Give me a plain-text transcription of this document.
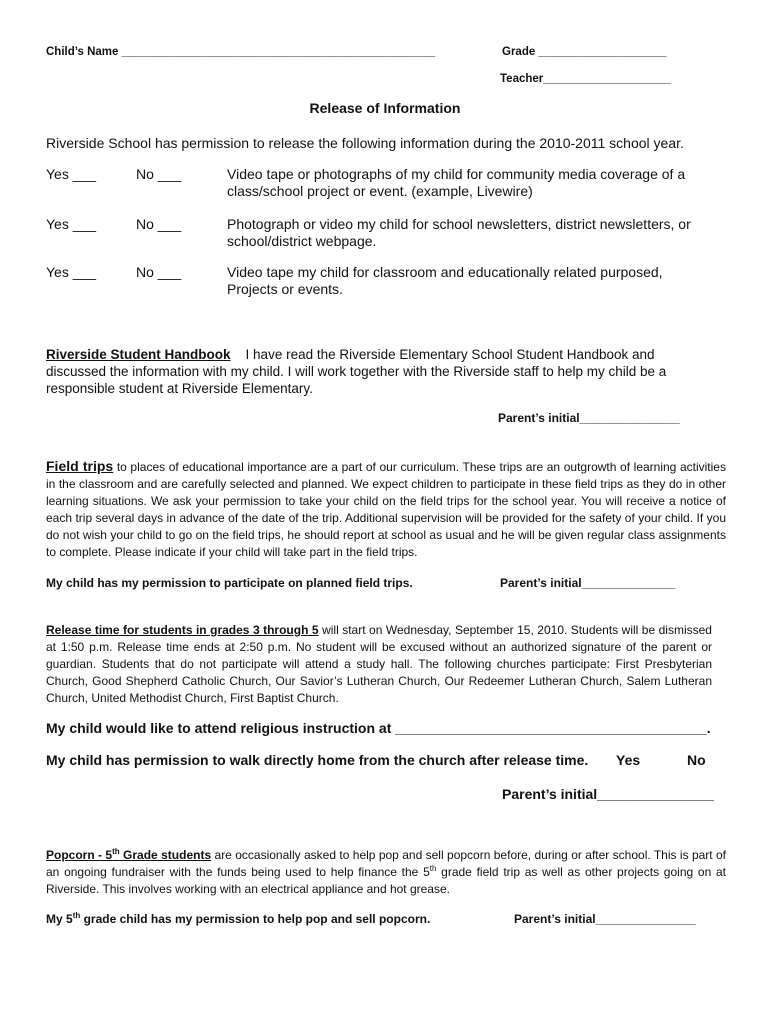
Child’s Name _________________________________________________	Grade ____________________
Teacher____________________
Release of Information
Riverside School has permission to release the following information during the 2010-2011 school year.
Yes ___	No ___	Video tape or photographs of my child for community media coverage of a class/school project or event. (example, Livewire)
Yes ___	No ___	Photograph or video my child for school newsletters, district newsletters, or school/district webpage.
Yes ___	No ___	Video tape my child for classroom and educationally related purposed, Projects or events.
Riverside Student Handbook I have read the Riverside Elementary School Student Handbook and discussed the information with my child. I will work together with the Riverside staff to help my child be a responsible student at Riverside Elementary.
Parent’s initial_______________
Field trips to places of educational importance are a part of our curriculum. These trips are an outgrowth of learning activities in the classroom and are carefully selected and planned. We expect children to participate in these field trips as they do in other learning situations. We ask your permission to take your child on the field trips for the school year. You will receive a notice of each trip several days in advance of the date of the trip. Additional supervision will be provided for the safety of your child. If you do not wish your child to go on the field trips, he should report at school as usual and he will be given regular class assignments to complete. Please indicate if your child will take part in the field trips.
My child has my permission to participate on planned field trips.	Parent’s initial______________
Release time for students in grades 3 through 5 will start on Wednesday, September 15, 2010. Students will be dismissed at 1:50 p.m. Release time ends at 2:50 p.m. No student will be excused without an authorized signature of the parent or guardian. Students that do not participate will attend a study hall. The following churches participate: First Presbyterian Church, Good Shepherd Catholic Church, Our Savior’s Lutheran Church, Our Redeemer Lutheran Church, Salem Lutheran Church, United Methodist Church, First Baptist Church.
My child would like to attend religious instruction at ________________________________________.
My child has permission to walk directly home from the church after release time. Yes	No
Parent’s initial_______________
Popcorn - 5th Grade students are occasionally asked to help pop and sell popcorn before, during or after school. This is part of an ongoing fundraiser with the funds being used to help finance the 5th grade field trip as well as other projects going on at Riverside. This involves working with an electrical appliance and hot grease.
My 5th grade child has my permission to help pop and sell popcorn.	Parent’s initial_______________
